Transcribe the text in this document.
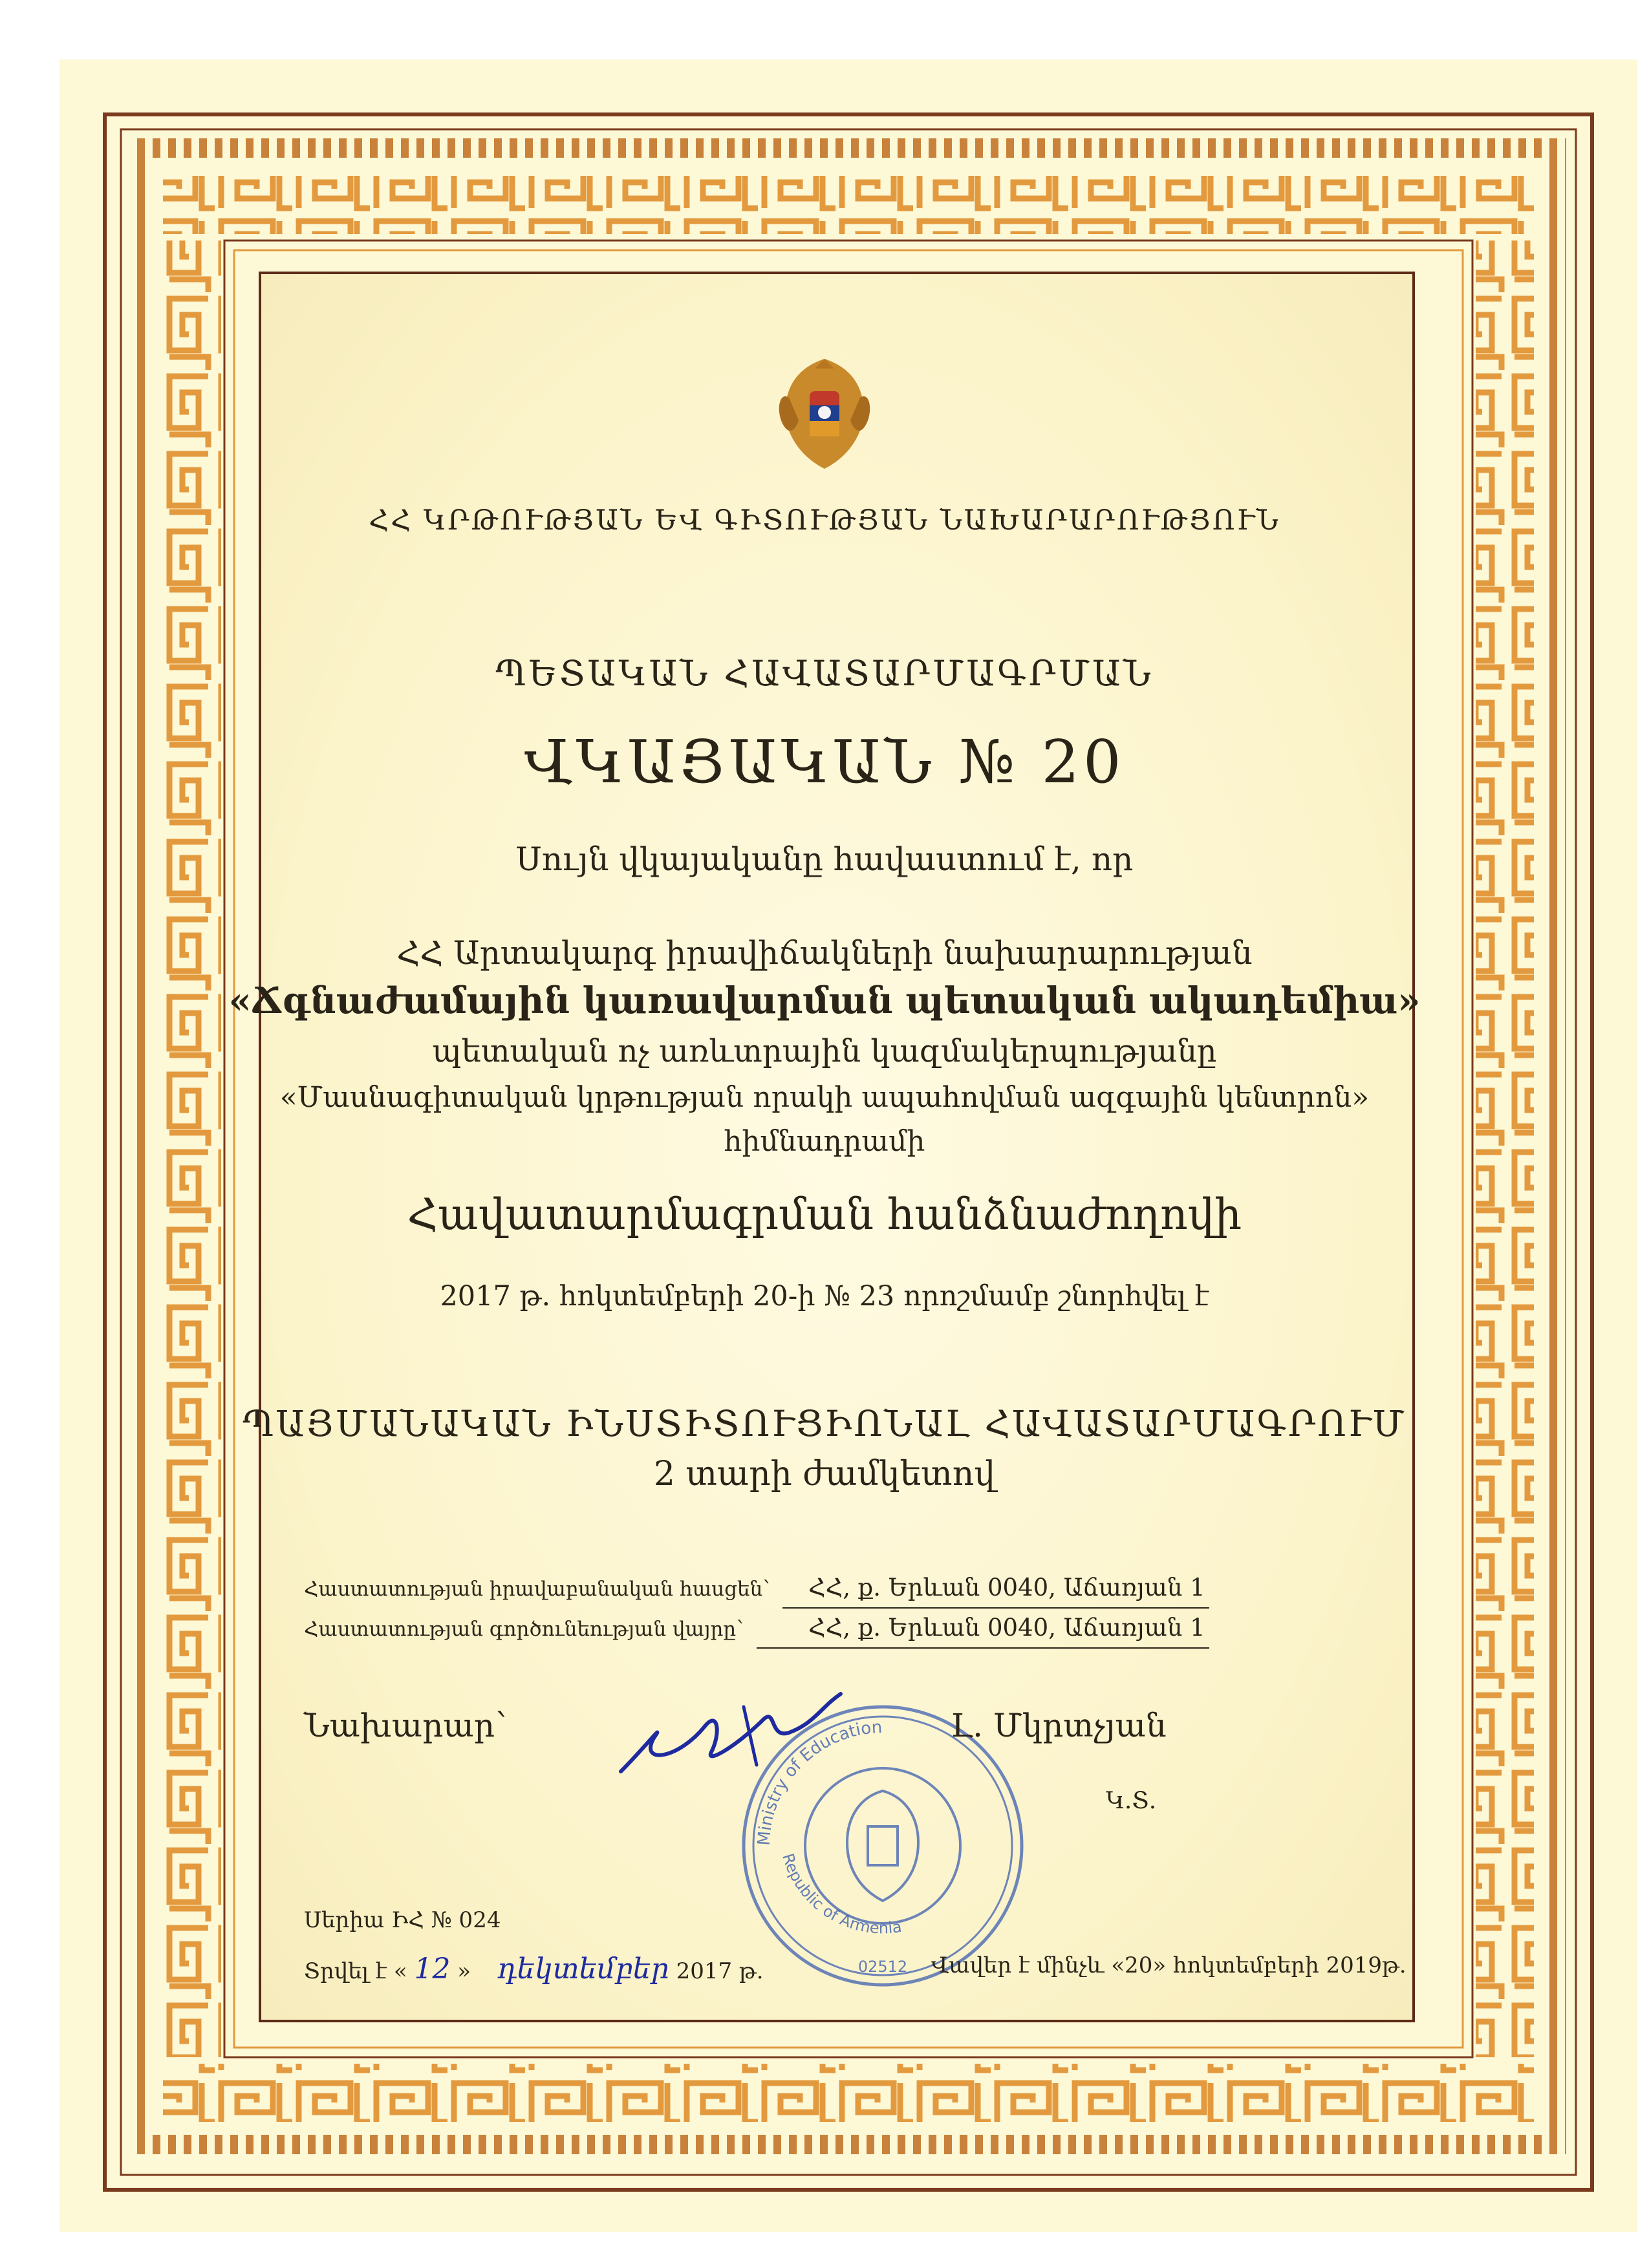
ՀՀ ԿՐԹՈՒԹՅԱՆ ԵՎ ԳԻՏՈՒԹՅԱՆ ՆԱԽԱՐԱՐՈՒԹՅՈՒՆ
ՊԵՏԱԿԱՆ ՀԱՎԱՏԱՐՄԱԳՐՄԱՆ
ՎԿԱՅԱԿԱՆ № 20
Սույն վկայականը հավաստում է, որ
ՀՀ Արտակարգ իրավիճակների նախարարության
«Ճգնաժամային կառավարման պետական ակադեմիա»
պետական ոչ առևտրային կազմակերպությանը
«Մասնագիտական կրթության որակի ապահովման ազգային կենտրոն»
հիմնադրամի
Հավատարմագրման հանձնաժողովի
2017 թ. հոկտեմբերի 20-ի № 23 որոշմամբ շնորհվել է
ՊԱՅՄԱՆԱԿԱՆ ԻՆՍՏԻՏՈՒՑԻՈՆԱԼ ՀԱՎԱՏԱՐՄԱԳՐՈՒՄ
2 տարի ժամկետով
Հաստատության իրավաբանական հասցեն՝ ՀՀ, ք. Երևան 0040, Աճառյան 1
Հաստատության գործունեության վայրը՝	ՀՀ, ք. Երևան 0040, Աճառյան 1
Ministry of Education
Republic of Armenia
02512
Նախարար՝	Լ. Մկրտչյան
Կ.Տ.
Սերիա ԻՀ № 024
Տրվել է « 12 » դեկտեմբեր 2017 թ.	Վավեր է մինչև «20» հոկտեմբերի 2019թ.
